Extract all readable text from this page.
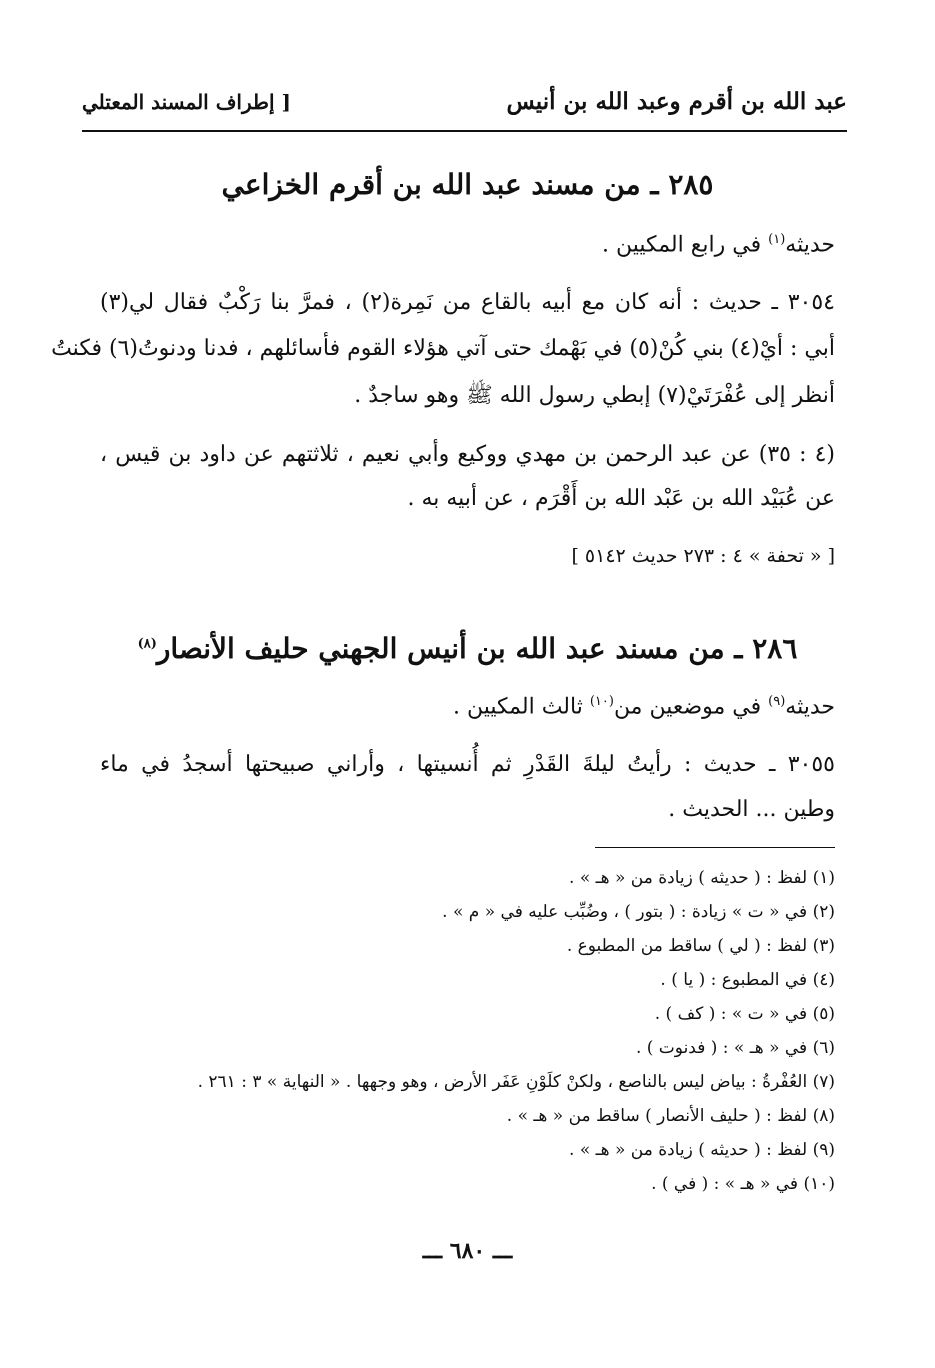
عبد الله بن أقرم وعبد الله بن أنيس
[ إطراف المسند المعتلي
٢٨٥ ـ من مسند عبد الله بن أقرم الخزاعي
حديثه$^{(١)}$ في رابع المكيين .
٣٠٥٤ ـ حديث : أنه كان مع أبيه بالقاع من نَمِرة(٢) ، فمرَّ بنا رَكْبٌ فقال لي(٣)
أبي : أيْ(٤) بني كُنْ(٥) في بَهْمك حتى آتي هؤلاء القوم فأسائلهم ، فدنا ودنوتُ(٦) فكنتُ
أنظر إلى عُفْرَتَيْ(٧) إبطي رسول الله ﷺ وهو ساجدٌ .
(٤ : ٣٥) عن عبد الرحمن بن مهدي ووكيع وأبي نعيم ، ثلاثتهم عن داود بن قيس ،
عن عُبَيْد الله بن عَبْد الله بن أَقْرَم ، عن أبيه به .
[ « تحفة » ٤ : ٢٧٣ حديث ٥١٤٢ ]
٢٨٦ ـ من مسند عبد الله بن أنيس الجهني حليف الأنصار$^{(٨)}$
حديثه$^{(٩)}$ في موضعين من$^{(١٠)}$ ثالث المكيين .
٣٠٥٥ ـ حديث : رأيتُ ليلةَ القَدْرِ ثم أُنسيتها ، وأراني صبيحتها أسجدُ في ماء
وطين ... الحديث .
(١) لفظ : ( حديثه ) زيادة من « هـ » .
(٢) في « ت » زيادة : ( بتور ) ، وضُبِّب عليه في « م » .
(٣) لفظ : ( لي ) ساقط من المطبوع .
(٤) في المطبوع : ( يا ) .
(٥) في « ت » : ( كف ) .
(٦) في « هـ » : ( فدنوت ) .
(٧) العُفْرةُ : بياض ليس بالناصع ، ولكنْ كلَوْنِ عَفَر الأرض ، وهو وجهها . « النهاية » ٣ : ٢٦١ .
(٨) لفظ : ( حليف الأنصار ) ساقط من « هـ » .
(٩) لفظ : ( حديثه ) زيادة من « هـ » .
(١٠) في « هـ » : ( في ) .
ـــ ٦٨٠ ـــ
